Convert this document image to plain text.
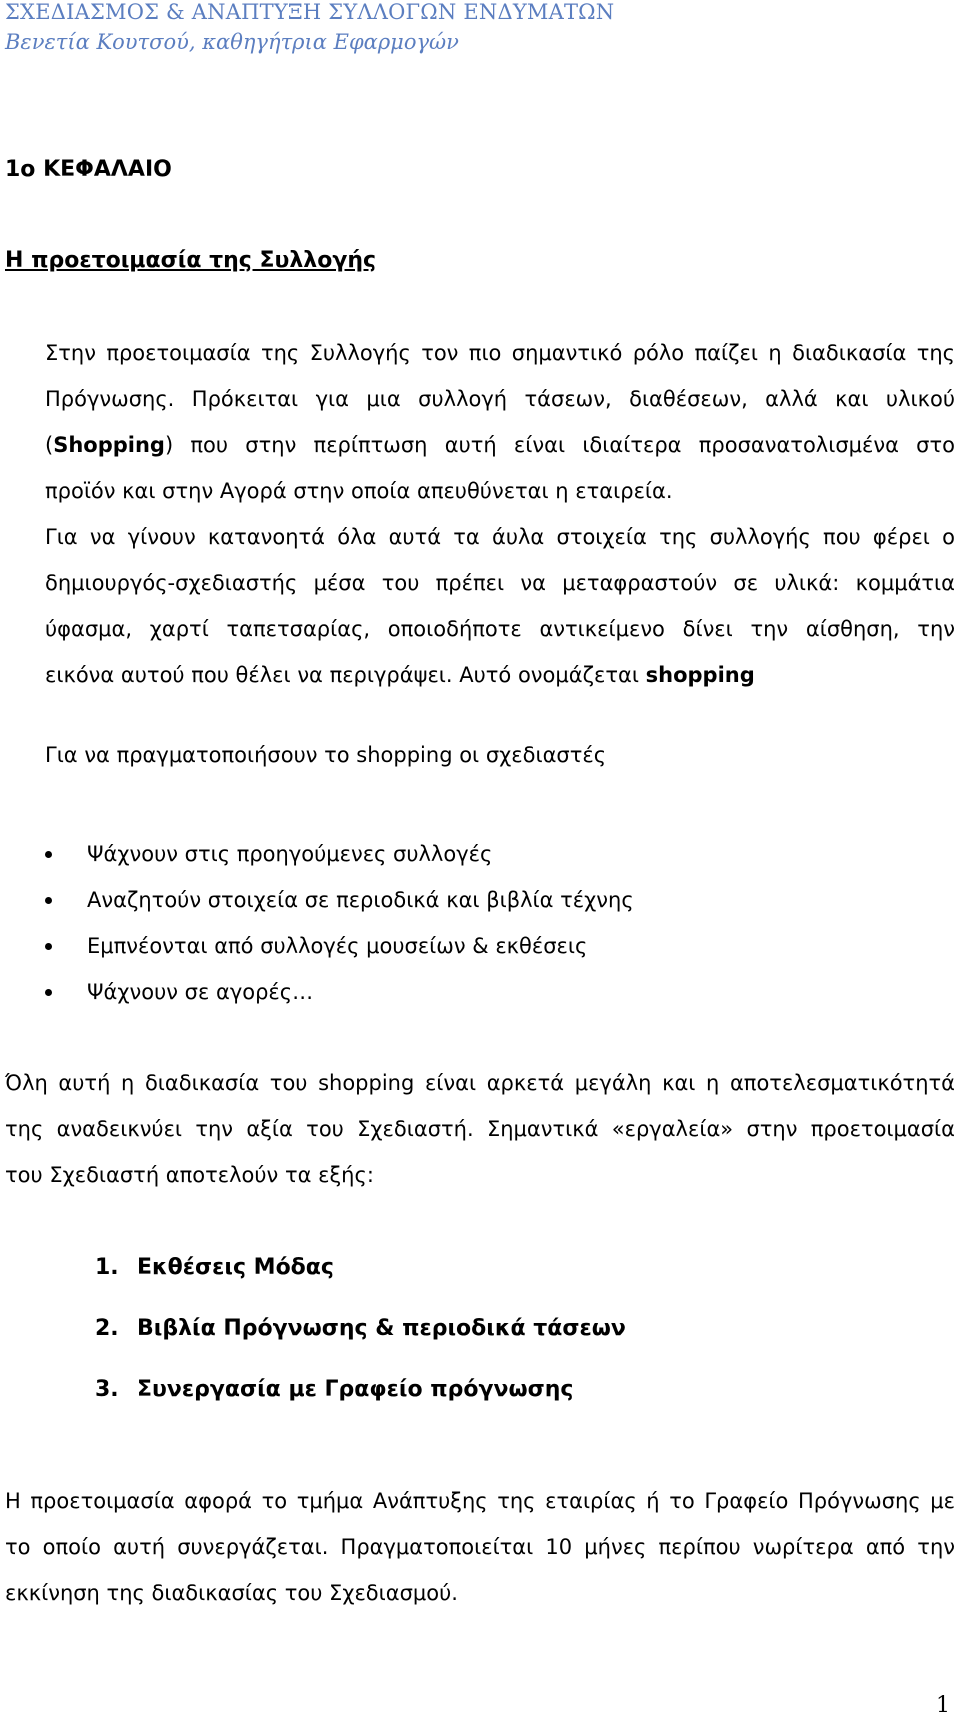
ΣΧΕΔΙΑΣΜΟΣ & ΑΝΑΠΤΥΞΗ ΣΥΛΛΟΓΩΝ ΕΝΔΥΜΑΤΩΝ
Βενετία Κουτσού, καθηγήτρια Εφαρμογών
1ο ΚΕΦΑΛΑΙΟ
Η προετοιμασία της Συλλογής
Στην προετοιμασία της Συλλογής τον πιο σημαντικό ρόλο παίζει η διαδικασία της
Πρόγνωσης. Πρόκειται για μια συλλογή τάσεων, διαθέσεων, αλλά και υλικού
(Shopping) που στην περίπτωση αυτή είναι ιδιαίτερα προσανατολισμένα στο
προϊόν και στην Αγορά στην οποία απευθύνεται η εταιρεία.
Για να γίνουν κατανοητά όλα αυτά τα άυλα στοιχεία της συλλογής που φέρει ο
δημιουργός-σχεδιαστής μέσα του πρέπει να μεταφραστούν σε υλικά: κομμάτια
ύφασμα, χαρτί ταπετσαρίας, οποιοδήποτε αντικείμενο δίνει την αίσθηση, την
εικόνα αυτού που θέλει να περιγράψει. Αυτό ονομάζεται shopping
Για να πραγματοποιήσουν το shopping οι σχεδιαστές
Ψάχνουν στις προηγούμενες συλλογές
Αναζητούν στοιχεία σε περιοδικά και βιβλία τέχνης
Εμπνέονται από συλλογές μουσείων & εκθέσεις
Ψάχνουν σε αγορές…
Όλη αυτή η διαδικασία του shopping είναι αρκετά μεγάλη και η αποτελεσματικότητά
της αναδεικνύει την αξία του Σχεδιαστή. Σημαντικά «εργαλεία» στην προετοιμασία
του Σχεδιαστή αποτελούν τα εξής:
1. Εκθέσεις Μόδας
2. Βιβλία Πρόγνωσης & περιοδικά τάσεων
3. Συνεργασία με Γραφείο πρόγνωσης
Η προετοιμασία αφορά το τμήμα Ανάπτυξης της εταιρίας ή το Γραφείο Πρόγνωσης με
το οποίο αυτή συνεργάζεται. Πραγματοποιείται 10 μήνες περίπου νωρίτερα από την
εκκίνηση της διαδικασίας του Σχεδιασμού.
1
